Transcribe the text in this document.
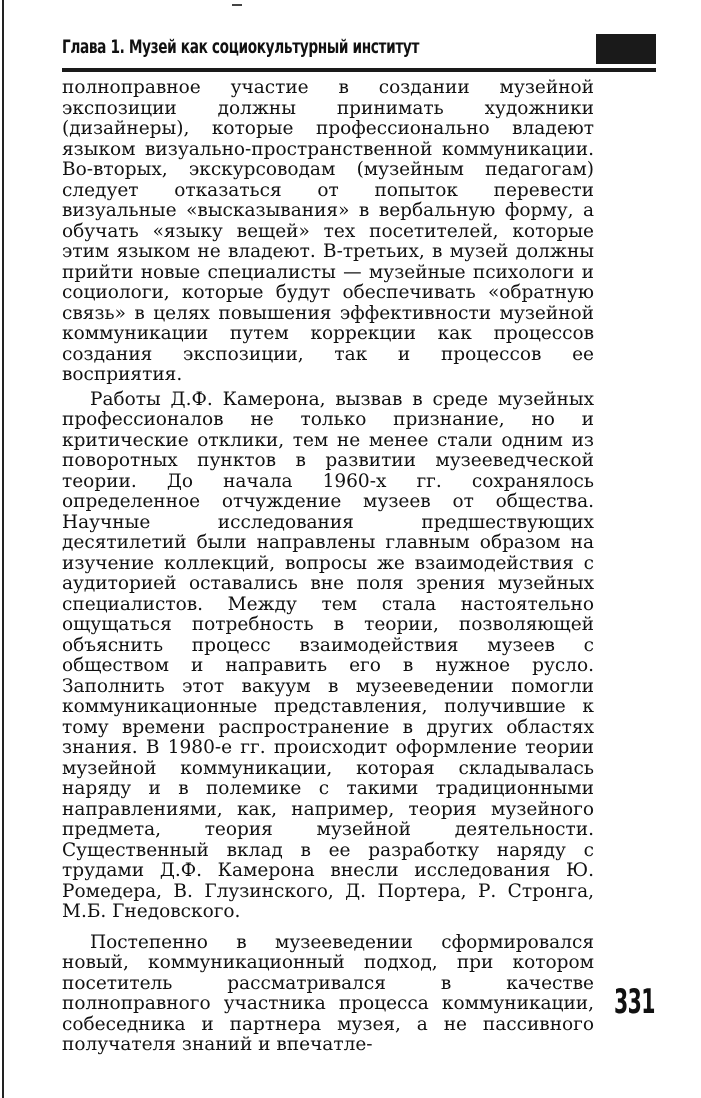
Глава 1. Музей как социокультурный институт

полноправное участие в создании музейной экспозиции должны принимать художники (дизайнеры), которые профессионально владеют языком визуально-пространственной коммуникации. Во-вторых, экскурсоводам (музейным педагогам) следует отказаться от попыток перевести визуальные «высказывания» в вербальную форму, а обучать «языку вещей» тех посетителей, которые этим языком не владеют. В-третьих, в музей должны прийти новые специалисты — музейные психологи и социологи, которые будут обеспечивать «обратную связь» в целях повышения эффективности музейной коммуникации путем коррекции как процессов создания экспозиции, так и процессов ее восприятия.

Работы Д.Ф. Камерона, вызвав в среде музейных профессионалов не только признание, но и критические отклики, тем не менее стали одним из поворотных пунктов в развитии музееведческой теории. До начала 1960-х гг. сохранялось определенное отчуждение музеев от общества. Научные исследования предшествующих десятилетий были направлены главным образом на изучение коллекций, вопросы же взаимодействия с аудиторией оставались вне поля зрения музейных специалистов. Между тем стала настоятельно ощущаться потребность в теории, позволяющей объяснить процесс взаимодействия музеев с обществом и направить его в нужное русло. Заполнить этот вакуум в музееведении помогли коммуникационные представления, получившие к тому времени распространение в других областях знания. В 1980-е гг. происходит оформление теории музейной коммуникации, которая складывалась наряду и в полемике с такими традиционными направлениями, как, например, теория музейного предмета, теория музейной деятельности. Существенный вклад в ее разработку наряду с трудами Д.Ф. Камерона внесли исследования Ю. Ромедера, В. Глузинского, Д. Портера, Р. Стронга, М.Б. Гнедовского.

Постепенно в музееведении сформировался новый, коммуникационный подход, при котором посетитель рассматривался в качестве полноправного участника процесса коммуникации, собеседника и партнера музея, а не пассивного получателя знаний и впечатле-

331
